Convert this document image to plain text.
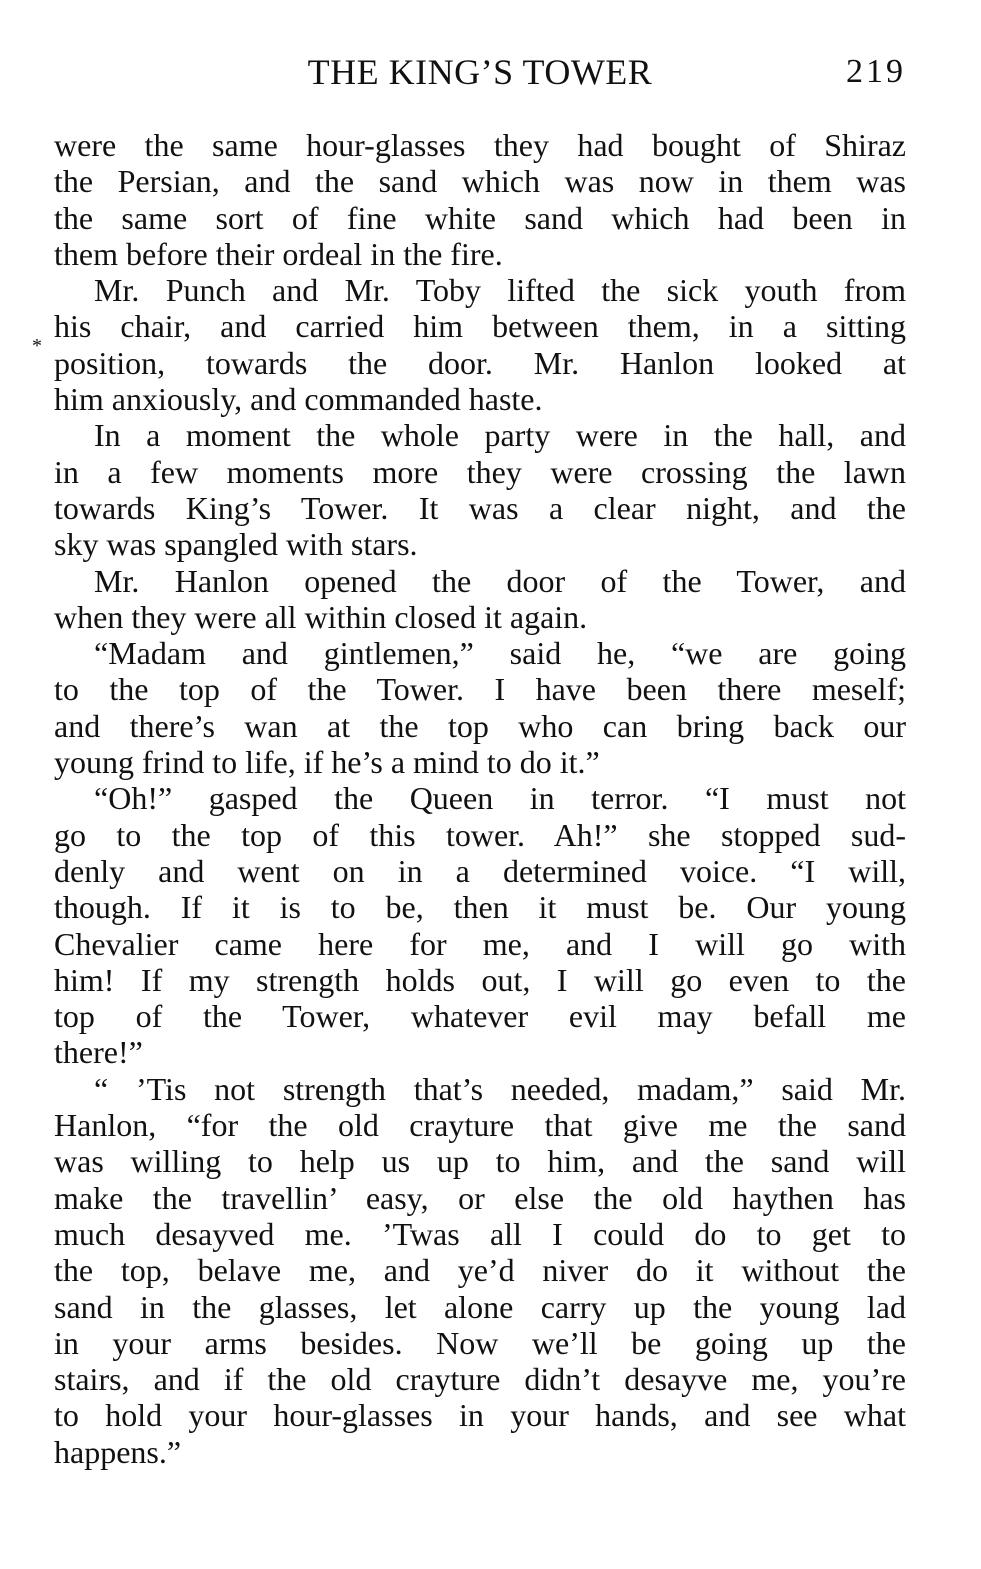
THE KING’S TOWER	219
*
were the same hour-glasses they had bought of Shiraz
the Persian, and the sand which was now in them was
the same sort of fine white sand which had been in
them before their ordeal in the fire.
Mr. Punch and Mr. Toby lifted the sick youth from
his chair, and carried him between them, in a sitting
position, towards the door. Mr. Hanlon looked at
him anxiously, and commanded haste.
In a moment the whole party were in the hall, and
in a few moments more they were crossing the lawn
towards King’s Tower. It was a clear night, and the
sky was spangled with stars.
Mr. Hanlon opened the door of the Tower, and
when they were all within closed it again.
“Madam and gintlemen,” said he, “we are going
to the top of the Tower. I have been there meself;
and there’s wan at the top who can bring back our
young frind to life, if he’s a mind to do it.”
“Oh!” gasped the Queen in terror. “I must not
go to the top of this tower. Ah!” she stopped sud-
denly and went on in a determined voice. “I will,
though. If it is to be, then it must be. Our young
Chevalier came here for me, and I will go with
him! If my strength holds out, I will go even to the
top of the Tower, whatever evil may befall me
there!”
“ ’Tis not strength that’s needed, madam,” said Mr.
Hanlon, “for the old crayture that give me the sand
was willing to help us up to him, and the sand will
make the travellin’ easy, or else the old haythen has
much desayved me. ’Twas all I could do to get to
the top, belave me, and ye’d niver do it without the
sand in the glasses, let alone carry up the young lad
in your arms besides. Now we’ll be going up the
stairs, and if the old crayture didn’t desayve me, you’re
to hold your hour-glasses in your hands, and see what
happens.”
